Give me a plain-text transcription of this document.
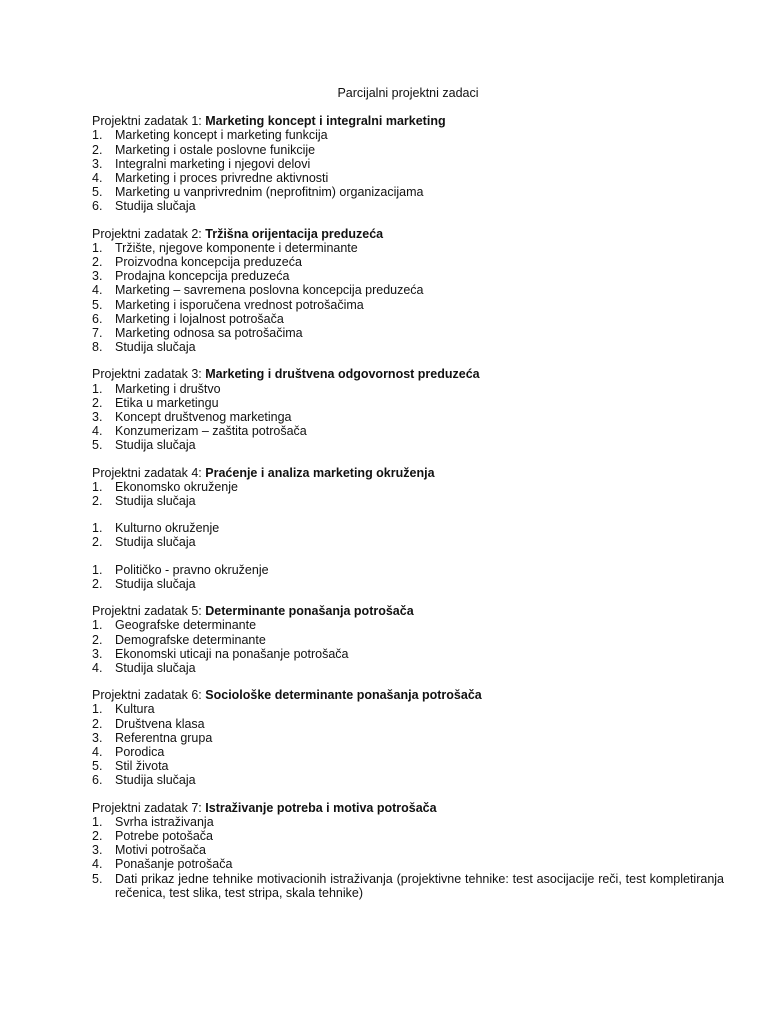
Parcijalni projektni zadaci

Projektni zadatak 1: Marketing koncept i integralni marketing

1.	Marketing koncept i marketing funkcija
2.	Marketing i ostale poslovne funikcije
3.	Integralni marketing i njegovi delovi
4.	Marketing i proces privredne aktivnosti
5.	Marketing u vanprivrednim (neprofitnim) organizacijama
6.	Studija slučaja

Projektni zadatak 2: Tržišna orijentacija preduzeća

1.	Tržište, njegove komponente i determinante
2.	Proizvodna koncepcija preduzeća
3.	Prodajna koncepcija preduzeća
4.	Marketing – savremena poslovna koncepcija preduzeća
5.	Marketing i isporučena vrednost potrošačima
6.	Marketing i lojalnost potrošača
7.	Marketing odnosa sa potrošačima
8.	Studija slučaja

Projektni zadatak 3: Marketing i društvena odgovornost preduzeća

1.	Marketing i društvo
2.	Etika u marketingu
3.	Koncept društvenog marketinga
4.	Konzumerizam – zaštita potrošača
5.	Studija slučaja

Projektni zadatak 4: Praćenje i analiza marketing okruženja

1.	Ekonomsko okruženje
2.	Studija slučaja
1.	Kulturno okruženje
2.	Studija slučaja
1.	Političko - pravno okruženje
2.	Studija slučaja

Projektni zadatak 5: Determinante ponašanja potrošača

1.	Geografske determinante
2.	Demografske determinante
3.	Ekonomski uticaji na ponašanje potrošača
4.	Studija slučaja

Projektni zadatak 6: Sociološke determinante ponašanja potrošača

1.	Kultura
2.	Društvena klasa
3.	Referentna grupa
4.	Porodica
5.	Stil života
6.	Studija slučaja

Projektni zadatak 7: Istraživanje potreba i motiva potrošača

1.	Svrha istraživanja
2.	Potrebe potošača
3.	Motivi potrošača
4.	Ponašanje potrošača
5.	Dati prikaz jedne tehnike motivacionih istraživanja (projektivne tehnike: test asocijacije reči, test kompletiranja rečenica, test slika, test stripa, skala tehnike)
